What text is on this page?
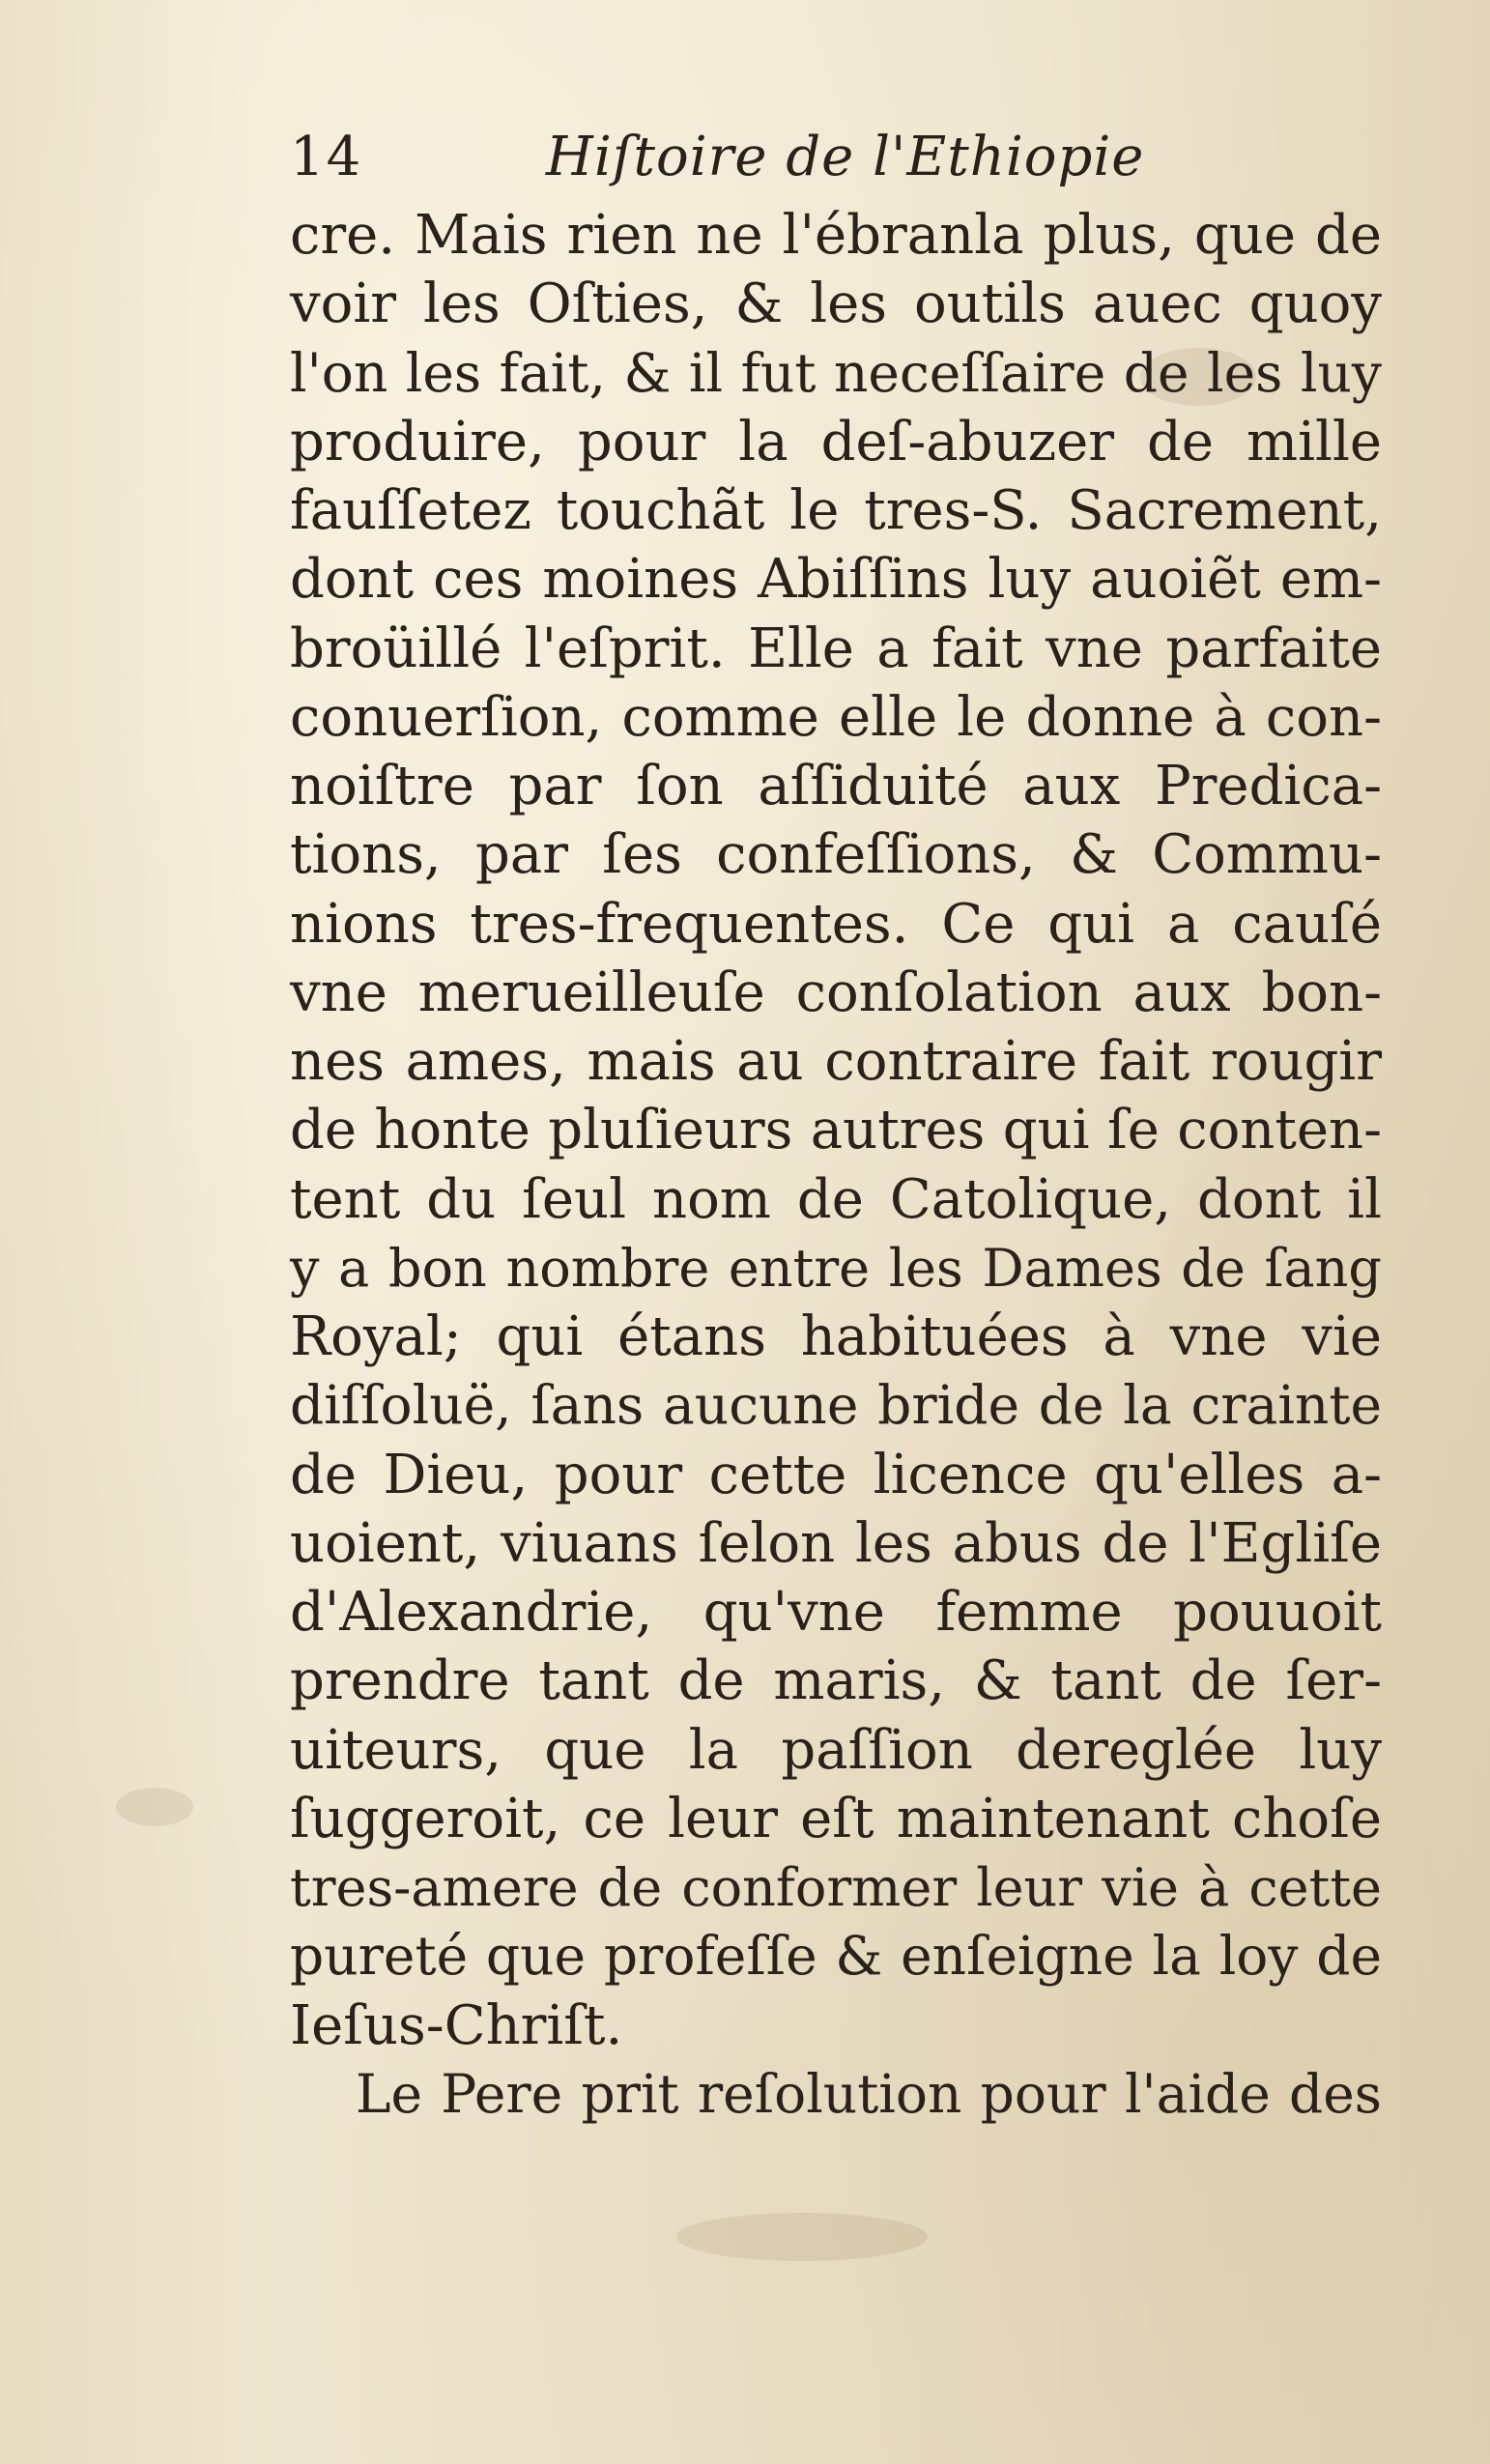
14	Hiſtoire de l'Ethiopie
cre. Mais rien ne l'ébranla plus, que de
voir les Oſties, & les outils auec quoy
l'on les fait, & il fut neceſſaire de les luy
produire, pour la deſ-abuzer de mille
fauſſetez touchãt le tres-S. Sacrement,
dont ces moines Abiſſins luy auoiẽt em-
broüillé l'eſprit. Elle a fait vne parfaite
conuerſion, comme elle le donne à con-
noiſtre par ſon aſſiduité aux Predica-
tions, par ſes confeſſions, & Commu-
nions tres-frequentes. Ce qui a cauſé
vne merueilleuſe conſolation aux bon-
nes ames, mais au contraire fait rougir
de honte pluſieurs autres qui ſe conten-
tent du ſeul nom de Catolique, dont il
y a bon nombre entre les Dames de ſang
Royal; qui étans habituées à vne vie
diſſoluë, ſans aucune bride de la crainte
de Dieu, pour cette licence qu'elles a-
uoient, viuans ſelon les abus de l'Egliſe
d'Alexandrie, qu'vne femme pouuoit
prendre tant de maris, & tant de ſer-
uiteurs, que la paſſion dereglée luy
ſuggeroit, ce leur eſt maintenant choſe
tres-amere de conformer leur vie à cette
pureté que profeſſe & enſeigne la loy de
Ieſus-Chriſt.
Le Pere prit reſolution pour l'aide des
